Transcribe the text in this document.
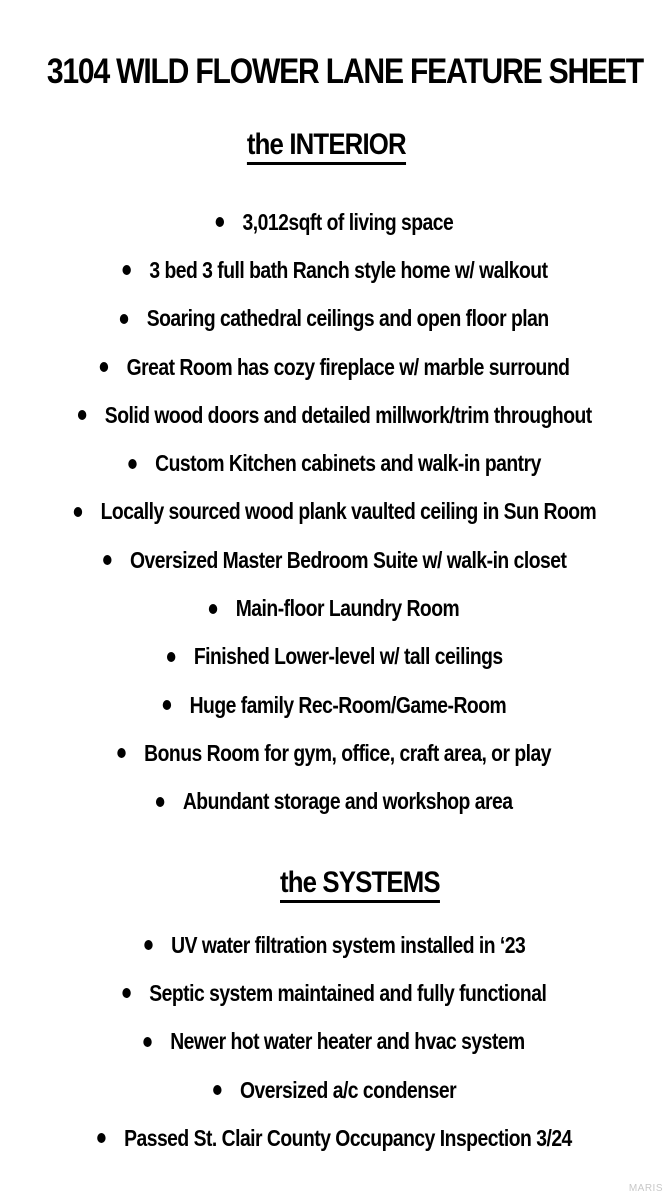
3104 WILD FLOWER LANE FEATURE SHEET
the INTERIOR
3,012sqft of living space
3 bed 3 full bath Ranch style home w/ walkout
Soaring cathedral ceilings and open floor plan
Great Room has cozy fireplace w/ marble surround
Solid wood doors and detailed millwork/trim throughout
Custom Kitchen cabinets and walk-in pantry
Locally sourced wood plank vaulted ceiling in Sun Room
Oversized Master Bedroom Suite w/ walk-in closet
Main-floor Laundry Room
Finished Lower-level w/ tall ceilings
Huge family Rec-Room/Game-Room
Bonus Room for gym, office, craft area, or play
Abundant storage and workshop area
the SYSTEMS
UV water filtration system installed in ‘23
Septic system maintained and fully functional
Newer hot water heater and hvac system
Oversized a/c condenser
Passed St. Clair County Occupancy Inspection 3/24
MARIS
